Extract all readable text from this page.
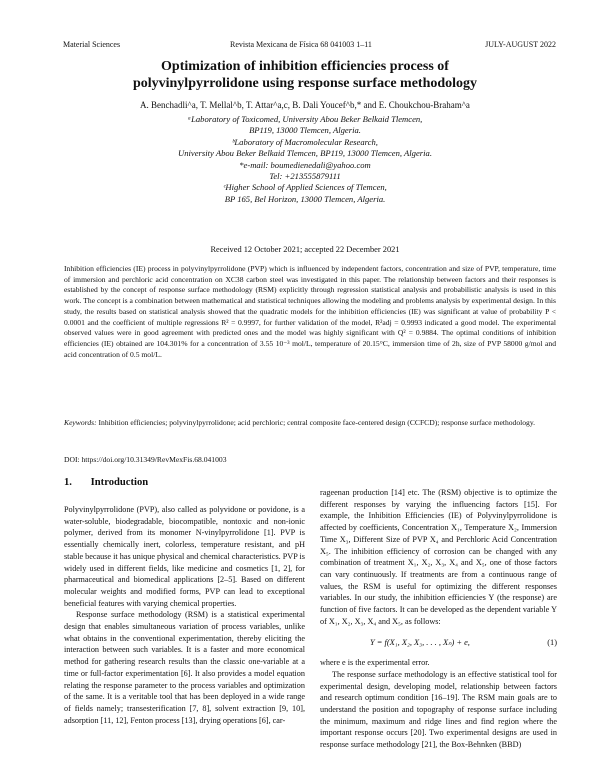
Material Sciences	Revista Mexicana de Física 68 041003 1–11	JULY-AUGUST 2022
Optimization of inhibition efficiencies process of
polyvinylpyrrolidone using response surface methodology
A. Benchadli^a, T. Mellal^b, T. Attar^a,c, B. Dali Youcef^b,* and E. Choukchou-Braham^a
ᵃLaboratory of Toxicomed, University Abou Beker Belkaid Tlemcen,
BP119, 13000 Tlemcen, Algeria.
ᵇLaboratory of Macromolecular Research,
University Abou Beker Belkaid Tlemcen, BP119, 13000 Tlemcen, Algeria.
*e-mail: boumedienedali@yahoo.com
Tel: +213555879111
ᶜHigher School of Applied Sciences of Tlemcen,
BP 165, Bel Horizon, 13000 Tlemcen, Algeria.
Received 12 October 2021; accepted 22 December 2021

Inhibition efficiencies (IE) process in polyvinylpyrrolidone (PVP) which is influenced by independent factors, concentration and size of PVP, temperature, time of immersion and perchloric acid concentration on XC38 carbon steel was investigated in this paper. The relationship between factors and their responses is established by the concept of response surface methodology (RSM) explicitly through regression statistical analysis and probabilistic analysis is used in this work. The concept is a combination between mathematical and statistical techniques allowing the modeling and problems analysis by experimental design. In this study, the results based on statistical analysis showed that the quadratic models for the inhibition efficiencies (IE) was significant at value of probability P < 0.0001 and the coefficient of multiple regressions R² = 0.9997, for further validation of the model, R²adj = 0.9993 indicated a good model. The experimental observed values were in good agreement with predicted ones and the model was highly significant with Q² = 0.9884. The optimal conditions of inhibition efficiencies (IE) obtained are 104.301% for a concentration of 3.55 10⁻³ mol/L, temperature of 20.15°C, immersion time of 2h, size of PVP 58000 g/mol and acid concentration of 0.5 mol/L.

Keywords: Inhibition efficiencies; polyvinylpyrrolidone; acid perchloric; central composite face-centered design (CCFCD); response surface methodology.
DOI: https://doi.org/10.31349/RevMexFis.68.041003
1. Introduction

Polyvinylpyrrolidone (PVP), also called as polyvidone or povidone, is a water-soluble, biodegradable, biocompatible, nontoxic and non-ionic polymer, derived from its monomer N-vinylpyrrolidone [1]. PVP is essentially chemically inert, colorless, temperature resistant, and pH stable because it has unique physical and chemical characteristics. PVP is widely used in different fields, like medicine and cosmetics [1, 2], for pharmaceutical and biomedical applications [2–5]. Based on different molecular weights and modified forms, PVP can lead to exceptional beneficial features with varying chemical properties.

Response surface methodology (RSM) is a statistical experimental design that enables simultaneous variation of process variables, unlike what obtains in the conventional experimentation, thereby eliciting the interaction between such variables. It is a faster and more economical method for gathering research results than the classic one-variable at a time or full-factor experimentation [6]. It also provides a model equation relating the response parameter to the process variables and optimization of the same. It is a veritable tool that has been deployed in a wide range of fields namely; transesterification [7, 8], solvent extraction [9, 10], adsorption [11, 12], Fenton process [13], drying operations [6], car-

rageenan production [14] etc. The (RSM) objective is to optimize the different responses by varying the influencing factors [15]. For example, the Inhibition Efficiencies (IE) of Polyvinylpyrrolidone is affected by coefficients, Concentration X₁, Temperature X₂, Immersion Time X₃, Different Size of PVP X₄ and Perchloric Acid Concentration X₅. The inhibition efficiency of corrosion can be changed with any combination of treatment X₁, X₂, X₃, X₄ and X₅, one of those factors can vary continuously. If treatments are from a continuous range of values, the RSM is useful for optimizing the different responses variables. In our study, the inhibition efficiencies Y (the response) are function of five factors. It can be developed as the dependent variable Y of X₁, X₂, X₃, X₄ and X₅, as follows:

Y = f(X₁, X₂, X₃, . . . , Xₙ) + e,	(1)

where e is the experimental error.

The response surface methodology is an effective statistical tool for experimental design, developing model, relationship between factors and research optimum condition [16–19]. The RSM main goals are to understand the position and topography of response surface including the minimum, maximum and ridge lines and find region where the important response occurs [20]. Two experimental designs are used in response surface methodology [21], the Box-Behnken (BBD)
